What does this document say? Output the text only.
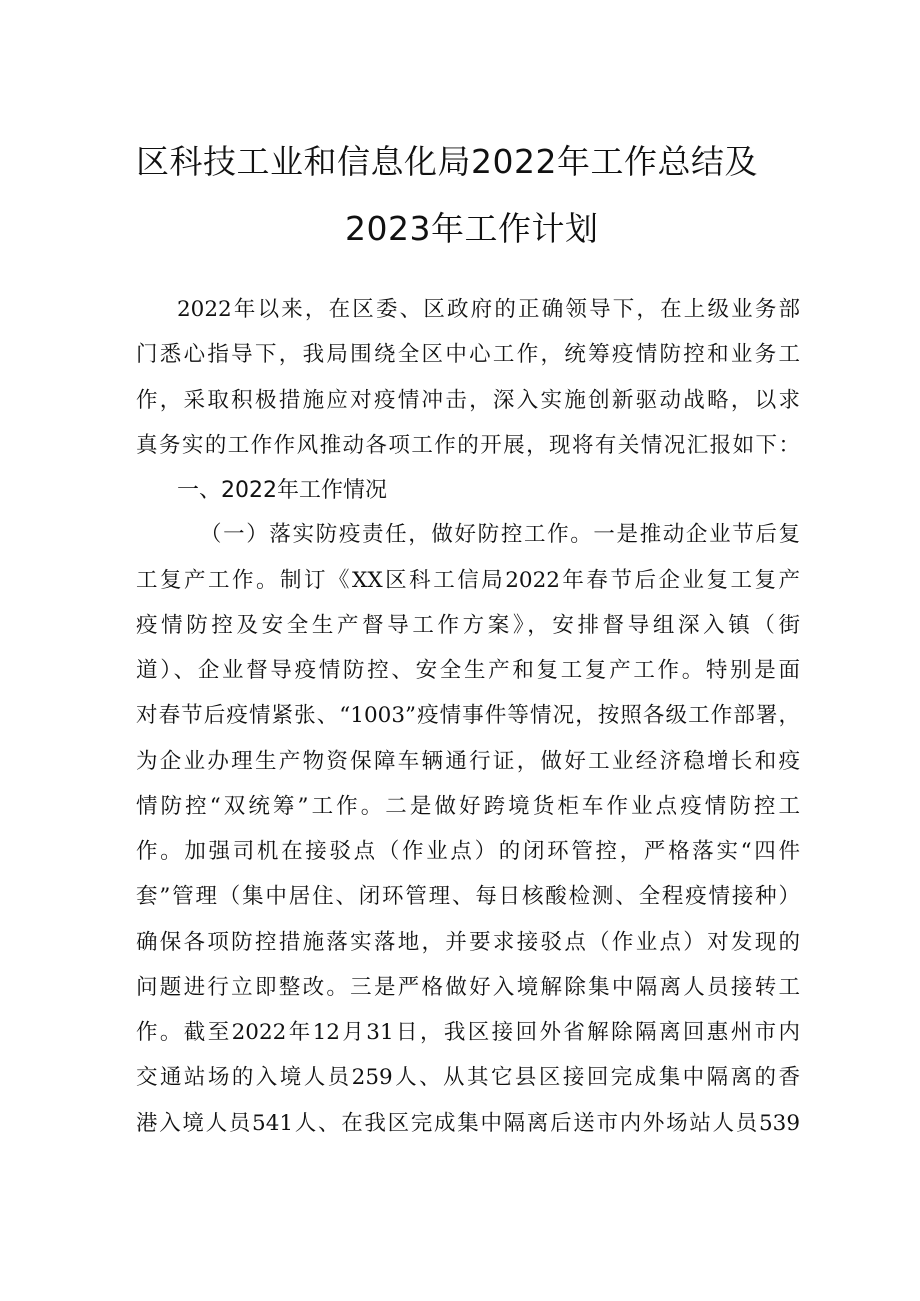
区科技工业和信息化局2022年工作总结及
2023年工作计划
2022年以来，在区委、区政府的正确领导下，在上级业务部
门悉心指导下，我局围绕全区中心工作，统筹疫情防控和业务工
作，采取积极措施应对疫情冲击，深入实施创新驱动战略，以求
真务实的工作作风推动各项工作的开展，现将有关情况汇报如下：
一、2022年工作情况
（一）落实防疫责任，做好防控工作。一是推动企业节后复
工复产工作。制订《XX区科工信局2022年春节后企业复工复产
疫情防控及安全生产督导工作方案》，安排督导组深入镇（街
道）、企业督导疫情防控、安全生产和复工复产工作。特别是面
对春节后疫情紧张、“1003”疫情事件等情况，按照各级工作部署，
为企业办理生产物资保障车辆通行证，做好工业经济稳增长和疫
情防控“双统筹”工作。二是做好跨境货柜车作业点疫情防控工
作。加强司机在接驳点（作业点）的闭环管控，严格落实“四件
套”管理（集中居住、闭环管理、每日核酸检测、全程疫情接种）
确保各项防控措施落实落地，并要求接驳点（作业点）对发现的
问题进行立即整改。三是严格做好入境解除集中隔离人员接转工
作。截至2022年12月31日，我区接回外省解除隔离回惠州市内
交通站场的入境人员259人、从其它县区接回完成集中隔离的香
港入境人员541人、在我区完成集中隔离后送市内外场站人员539
